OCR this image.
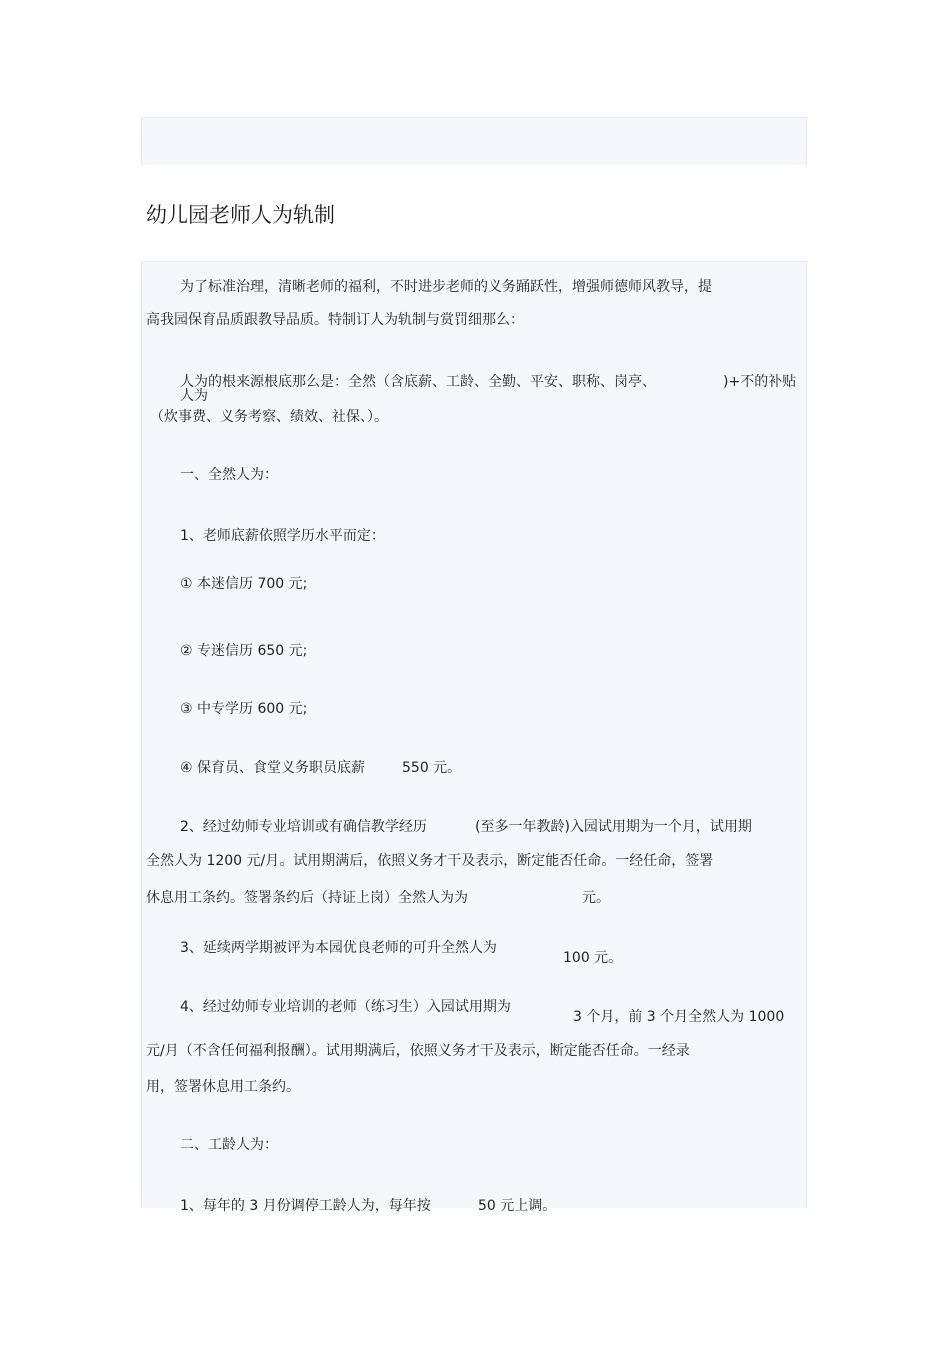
幼儿园老师人为轨制
为了标准治理，清晰老师的福利，不时进步老师的义务踊跃性，增强师德师风教导，提
高我园保育品质跟教导品质。特制订人为轨制与赏罚细那么：
人为的根来源根底那么是：全然（含底薪、工龄、全勤、平安、职称、岗亭、	)+不的补贴
人为
（炊事费、义务考察、绩效、社保、）。
一、全然人为：
1、老师底薪依照学历水平而定：
① 本迷信历 700 元;
② 专迷信历 650 元;
③ 中专学历 600 元;
④ 保育员、食堂义务职员底薪	550 元。
2、经过幼师专业培训或有确信教学经历	(至多一年教龄)入园试用期为一个月，试用期
全然人为 1200 元/月。试用期满后，依照义务才干及表示，断定能否任命。一经任命，签署
休息用工条约。签署条约后（持证上岗）全然人为为	元。
3、延续两学期被评为本园优良老师的可升全然人为
100 元。
4、经过幼师专业培训的老师（练习生）入园试用期为
3 个月，前 3 个月全然人为 1000
元/月（不含任何福利报酬）。试用期满后，依照义务才干及表示，断定能否任命。一经录
用，签署休息用工条约。
二、工龄人为：
1、每年的 3 月份调停工龄人为，每年按	50 元上调。
